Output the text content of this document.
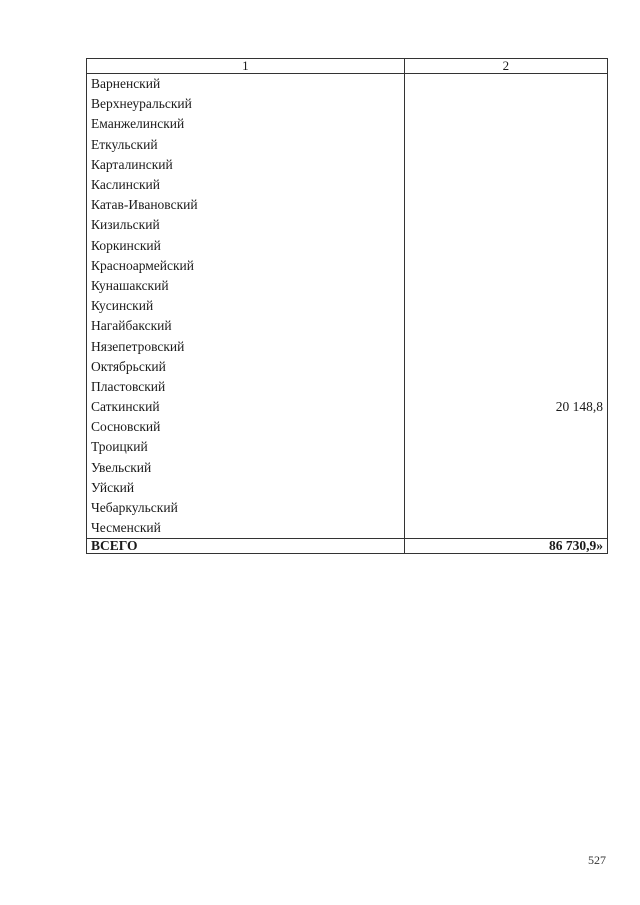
1	2
Варненский	
Верхнеуральский	
Еманжелинский	
Еткульский	
Карталинский	
Каслинский	
Катав-Ивановский	
Кизильский	
Коркинский	
Красноармейский	
Кунашакский	
Кусинский	
Нагайбакский	
Нязепетровский	
Октябрьский	
Пластовский	
Саткинский	20 148,8
Сосновский	
Троицкий	
Увельский	
Уйский	
Чебаркульский	
Чесменский	
ВСЕГО	86 730,9»
527
